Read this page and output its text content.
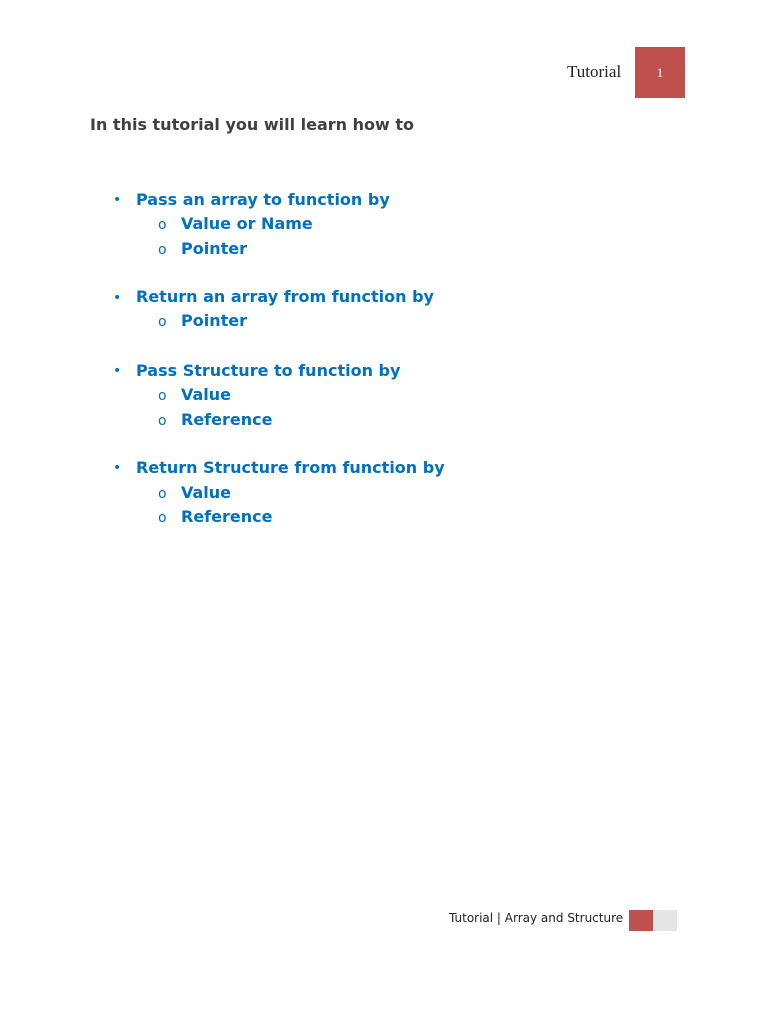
Tutorial	1
In this tutorial you will learn how to
• Pass an array to function by
o Value or Name
o Pointer
• Return an array from function by
o Pointer
• Pass Structure to function by
o Value
o Reference
• Return Structure from function by
o Value
o Reference
Tutorial | Array and Structure
